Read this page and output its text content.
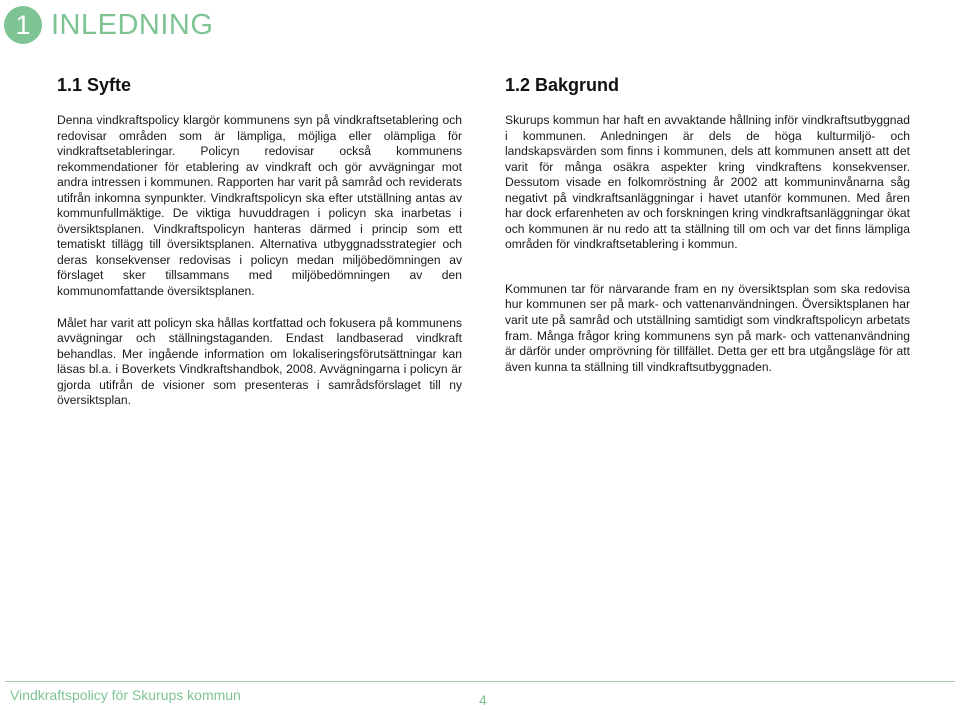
1 INLEDNING
1.1 Syfte

Denna vindkraftspolicy klargör kommunens syn på vindkraftsetablering och redovisar områden som är lämpliga, möjliga eller olämpliga för vindkraftsetableringar. Policyn redovisar också kommunens rekommendationer för etablering av vindkraft och gör avvägningar mot andra intressen i kommunen. Rapporten har varit på samråd och reviderats utifrån inkomna synpunkter. Vindkraftspolicyn ska efter utställning antas av kommunfullmäktige. De viktiga huvuddragen i policyn ska inarbetas i översiktsplanen. Vindkraftspolicyn hanteras därmed i princip som ett tematiskt tillägg till översiktsplanen. Alternativa utbyggnadsstrategier och deras konsekvenser redovisas i policyn medan miljöbedömningen av förslaget sker tillsammans med miljöbedömningen av den kommunomfattande översiktsplanen.

Målet har varit att policyn ska hållas kortfattad och fokusera på kommunens avvägningar och ställningstaganden. Endast landbaserad vindkraft behandlas. Mer ingående information om lokaliseringsförutsättningar kan läsas bl.a. i Boverkets Vindkraftshandbok, 2008. Avvägningarna i policyn är gjorda utifrån de visioner som presenteras i samrådsförslaget till ny översiktsplan.

1.2 Bakgrund

Skurups kommun har haft en avvaktande hållning inför vindkraftsutbyggnad i kommunen. Anledningen är dels de höga kulturmiljö- och landskapsvärden som finns i kommunen, dels att kommunen ansett att det varit för många osäkra aspekter kring vindkraftens konsekvenser. Dessutom visade en folkomröstning år 2002 att kommuninvånarna såg negativt på vindkraftsanläggningar i havet utanför kommunen. Med åren har dock erfarenheten av och forskningen kring vindkraftsanläggningar ökat och kommunen är nu redo att ta ställning till om och var det finns lämpliga områden för vindkraftsetablering i kommun.

Kommunen tar för närvarande fram en ny översiktsplan som ska redovisa hur kommunen ser på mark- och vattenanvändningen. Översiktsplanen har varit ute på samråd och utställning samtidigt som vindkraftspolicyn arbetats fram. Många frågor kring kommunens syn på mark- och vattenanvändning är därför under omprövning för tillfället. Detta ger ett bra utgångsläge för att även kunna ta ställning till vindkraftsutbyggnaden.

Vindkraftspolicy för Skurups kommun	4
